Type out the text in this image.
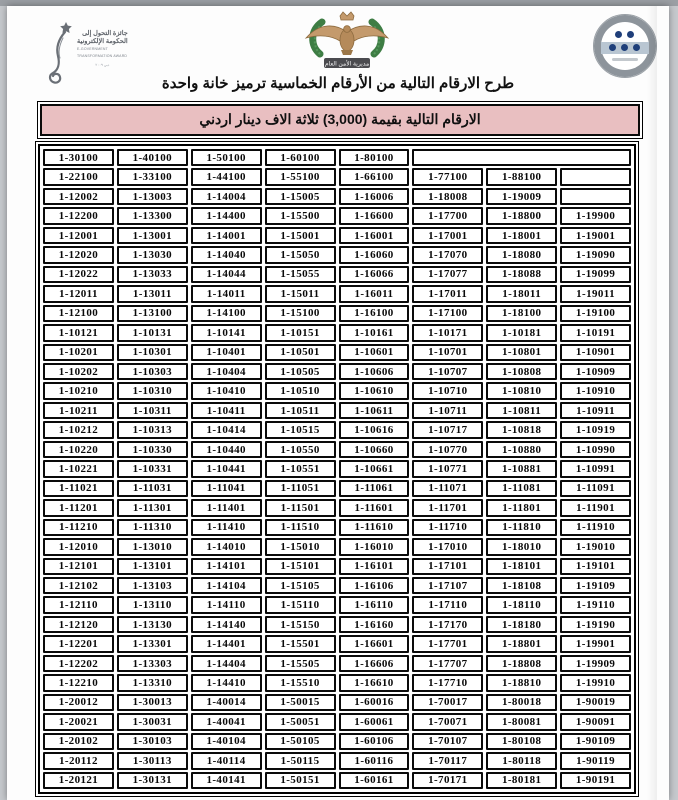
جائزة التحول إلى
الحكومة الإلكترونية
E-GOVERNMENT
TRANSFORMATION AWARD
دبي ٢٠٠٩	مديرية الأمن العام
طرح الارقام التالية من الأرقام الخماسية ترميز خانة واحدة
الارقام التالية بقيمة (3,000) ثلاثة الاف دينار اردني
1-30100	1-40100	1-50100	1-60100	1-80100
1-22100	1-33100	1-44100	1-55100	1-66100	1-77100	1-88100
1-12002	1-13003	1-14004	1-15005	1-16006	1-18008	1-19009
1-12200	1-13300	1-14400	1-15500	1-16600	1-17700	1-18800	1-19900
1-12001	1-13001	1-14001	1-15001	1-16001	1-17001	1-18001	1-19001
1-12020	1-13030	1-14040	1-15050	1-16060	1-17070	1-18080	1-19090
1-12022	1-13033	1-14044	1-15055	1-16066	1-17077	1-18088	1-19099
1-12011	1-13011	1-14011	1-15011	1-16011	1-17011	1-18011	1-19011
1-12100	1-13100	1-14100	1-15100	1-16100	1-17100	1-18100	1-19100
1-10121	1-10131	1-10141	1-10151	1-10161	1-10171	1-10181	1-10191
1-10201	1-10301	1-10401	1-10501	1-10601	1-10701	1-10801	1-10901
1-10202	1-10303	1-10404	1-10505	1-10606	1-10707	1-10808	1-10909
1-10210	1-10310	1-10410	1-10510	1-10610	1-10710	1-10810	1-10910
1-10211	1-10311	1-10411	1-10511	1-10611	1-10711	1-10811	1-10911
1-10212	1-10313	1-10414	1-10515	1-10616	1-10717	1-10818	1-10919
1-10220	1-10330	1-10440	1-10550	1-10660	1-10770	1-10880	1-10990
1-10221	1-10331	1-10441	1-10551	1-10661	1-10771	1-10881	1-10991
1-11021	1-11031	1-11041	1-11051	1-11061	1-11071	1-11081	1-11091
1-11201	1-11301	1-11401	1-11501	1-11601	1-11701	1-11801	1-11901
1-11210	1-11310	1-11410	1-11510	1-11610	1-11710	1-11810	1-11910
1-12010	1-13010	1-14010	1-15010	1-16010	1-17010	1-18010	1-19010
1-12101	1-13101	1-14101	1-15101	1-16101	1-17101	1-18101	1-19101
1-12102	1-13103	1-14104	1-15105	1-16106	1-17107	1-18108	1-19109
1-12110	1-13110	1-14110	1-15110	1-16110	1-17110	1-18110	1-19110
1-12120	1-13130	1-14140	1-15150	1-16160	1-17170	1-18180	1-19190
1-12201	1-13301	1-14401	1-15501	1-16601	1-17701	1-18801	1-19901
1-12202	1-13303	1-14404	1-15505	1-16606	1-17707	1-18808	1-19909
1-12210	1-13310	1-14410	1-15510	1-16610	1-17710	1-18810	1-19910
1-20012	1-30013	1-40014	1-50015	1-60016	1-70017	1-80018	1-90019
1-20021	1-30031	1-40041	1-50051	1-60061	1-70071	1-80081	1-90091
1-20102	1-30103	1-40104	1-50105	1-60106	1-70107	1-80108	1-90109
1-20112	1-30113	1-40114	1-50115	1-60116	1-70117	1-80118	1-90119
1-20121	1-30131	1-40141	1-50151	1-60161	1-70171	1-80181	1-90191
